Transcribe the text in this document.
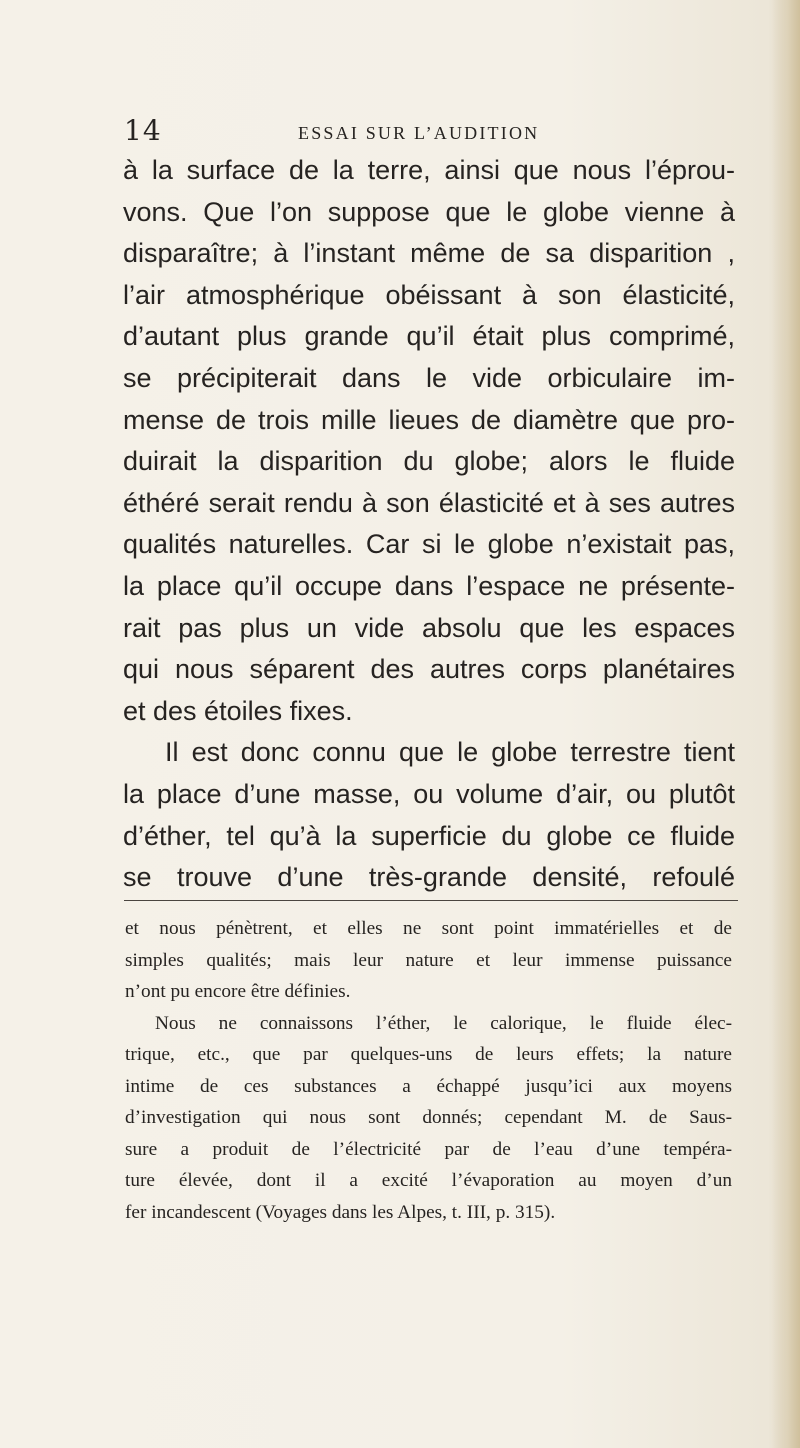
14	ESSAI SUR L’AUDITION
à la surface de la terre, ainsi que nous l’éprou-
vons. Que l’on suppose que le globe vienne à
disparaître; à l’instant même de sa disparition ,
l’air atmosphérique obéissant à son élasticité,
d’autant plus grande qu’il était plus comprimé,
se précipiterait dans le vide orbiculaire im-
mense de trois mille lieues de diamètre que pro-
duirait la disparition du globe; alors le fluide
éthéré serait rendu à son élasticité et à ses autres
qualités naturelles. Car si le globe n’existait pas,
la place qu’il occupe dans l’espace ne présente-
rait pas plus un vide absolu que les espaces
qui nous séparent des autres corps planétaires
et des étoiles fixes.
Il est donc connu que le globe terrestre tient
la place d’une masse, ou volume d’air, ou plutôt
d’éther, tel qu’à la superficie du globe ce fluide
se trouve d’une très-grande densité, refoulé
et nous pénètrent, et elles ne sont point immatérielles et de
simples qualités; mais leur nature et leur immense puissance
n’ont pu encore être définies.
Nous ne connaissons l’éther, le calorique, le fluide élec-
trique, etc., que par quelques-uns de leurs effets; la nature
intime de ces substances a échappé jusqu’ici aux moyens
d’investigation qui nous sont donnés; cependant M. de Saus-
sure a produit de l’électricité par de l’eau d’une tempéra-
ture élevée, dont il a excité l’évaporation au moyen d’un
fer incandescent (Voyages dans les Alpes, t. III, p. 315).
